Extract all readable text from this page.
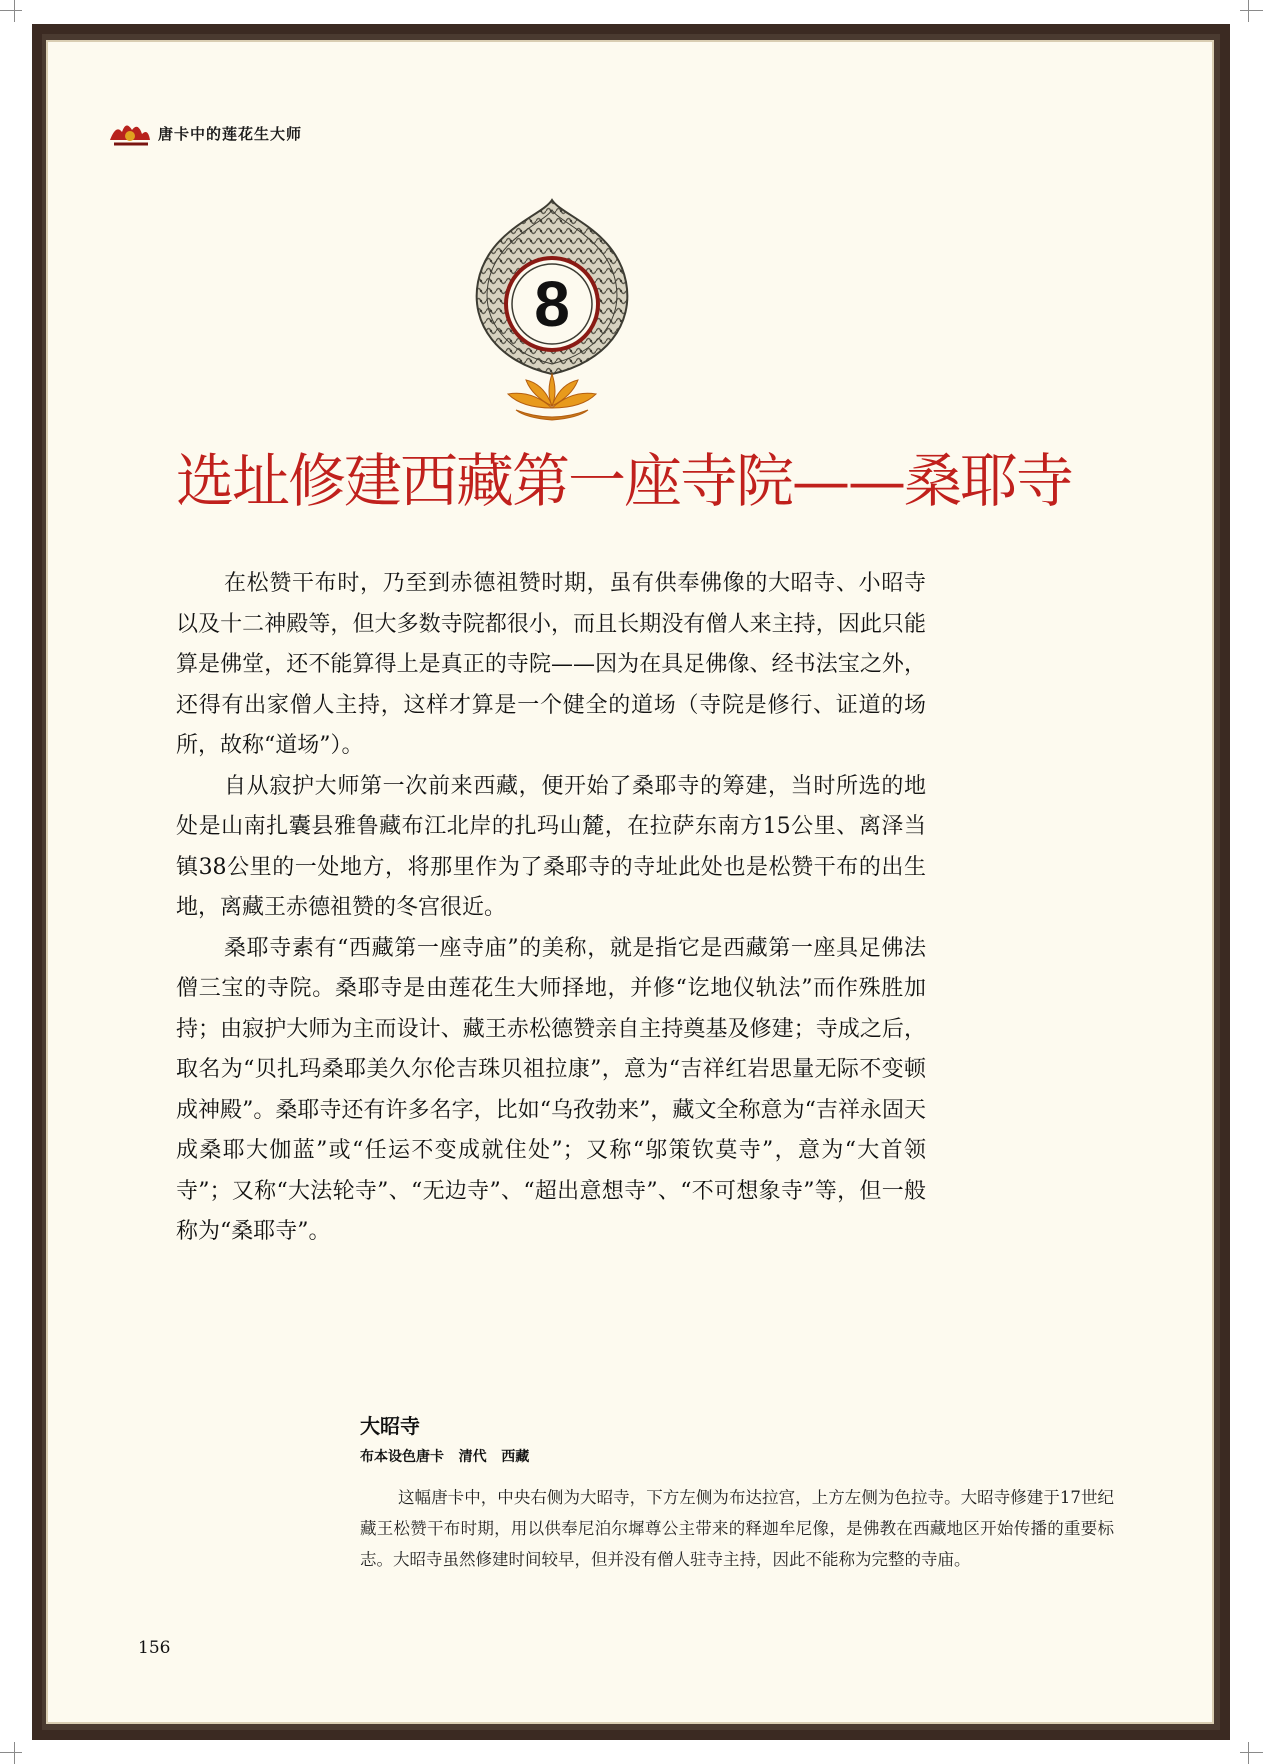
唐卡中的莲花生大师
8
选址修建西藏第一座寺院——桑耶寺

在松赞干布时，乃至到赤德祖赞时期，虽有供奉佛像的大昭寺、小昭寺以及十二神殿等，但大多数寺院都很小，而且长期没有僧人来主持，因此只能算是佛堂，还不能算得上是真正的寺院——因为在具足佛像、经书法宝之外，还得有出家僧人主持，这样才算是一个健全的道场（寺院是修行、证道的场所，故称“道场”）。

自从寂护大师第一次前来西藏，便开始了桑耶寺的筹建，当时所选的地处是山南扎囊县雅鲁藏布江北岸的扎玛山麓，在拉萨东南方15公里、离泽当镇38公里的一处地方，将那里作为了桑耶寺的寺址此处也是松赞干布的出生地，离藏王赤德祖赞的冬宫很近。

桑耶寺素有“西藏第一座寺庙”的美称，就是指它是西藏第一座具足佛法僧三宝的寺院。桑耶寺是由莲花生大师择地，并修“讫地仪轨法”而作殊胜加持；由寂护大师为主而设计、藏王赤松德赞亲自主持奠基及修建；寺成之后，取名为“贝扎玛桑耶美久尔伦吉珠贝祖拉康”，意为“吉祥红岩思量无际不变顿成神殿”。桑耶寺还有许多名字，比如“乌孜勃来”，藏文全称意为“吉祥永固天成桑耶大伽蓝”或“任运不变成就住处”；又称“邬策钦莫寺”，意为“大首领寺”；又称“大法轮寺”、“无边寺”、“超出意想寺”、“不可想象寺”等，但一般称为“桑耶寺”。

大昭寺
布本设色唐卡 清代 西藏

这幅唐卡中，中央右侧为大昭寺，下方左侧为布达拉宫，上方左侧为色拉寺。大昭寺修建于17世纪藏王松赞干布时期，用以供奉尼泊尔墀尊公主带来的释迦牟尼像，是佛教在西藏地区开始传播的重要标志。大昭寺虽然修建时间较早，但并没有僧人驻寺主持，因此不能称为完整的寺庙。

156
